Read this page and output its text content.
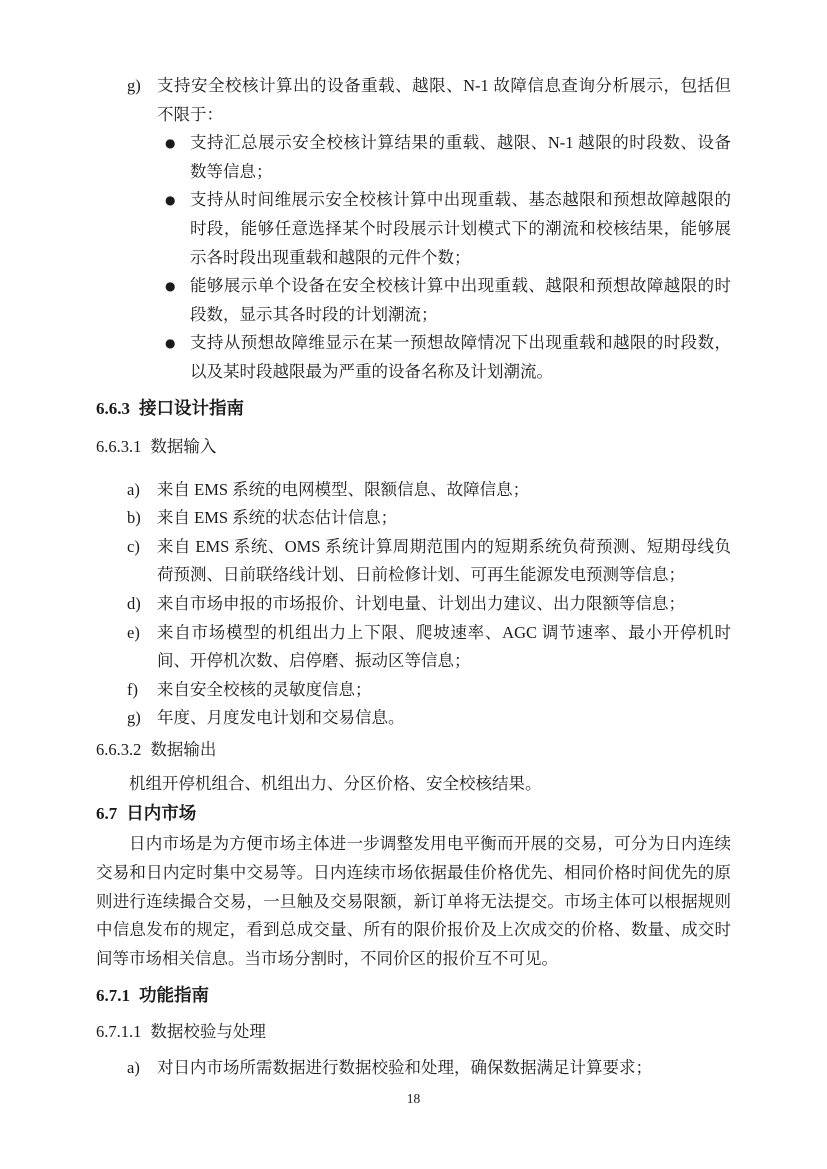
g) 支持安全校核计算出的设备重载、越限、N-1 故障信息查询分析展示，包括但不限于：
● 支持汇总展示安全校核计算结果的重载、越限、N-1 越限的时段数、设备数等信息；
● 支持从时间维展示安全校核计算中出现重载、基态越限和预想故障越限的时段，能够任意选择某个时段展示计划模式下的潮流和校核结果，能够展示各时段出现重载和越限的元件个数；
● 能够展示单个设备在安全校核计算中出现重载、越限和预想故障越限的时段数，显示其各时段的计划潮流；
● 支持从预想故障维显示在某一预想故障情况下出现重载和越限的时段数，以及某时段越限最为严重的设备名称及计划潮流。
6.6.3 接口设计指南
6.6.3.1 数据输入
a)	来自 EMS 系统的电网模型、限额信息、故障信息；
b) 来自 EMS 系统的状态估计信息；
c)	来自 EMS 系统、OMS 系统计算周期范围内的短期系统负荷预测、短期母线负荷预测、日前联络线计划、日前检修计划、可再生能源发电预测等信息；
d) 来自市场申报的市场报价、计划电量、计划出力建议、出力限额等信息；
e)	来自市场模型的机组出力上下限、爬坡速率、AGC 调节速率、最小开停机时间、开停机次数、启停磨、振动区等信息；
f)	来自安全校核的灵敏度信息；
g) 年度、月度发电计划和交易信息。
6.6.3.2 数据输出

机组开停机组合、机组出力、分区价格、安全校核结果。

6.7 日内市场

日内市场是为方便市场主体进一步调整发用电平衡而开展的交易，可分为日内连续交易和日内定时集中交易等。日内连续市场依据最佳价格优先、相同价格时间优先的原则进行连续撮合交易，一旦触及交易限额，新订单将无法提交。市场主体可以根据规则中信息发布的规定，看到总成交量、所有的限价报价及上次成交的价格、数量、成交时间等市场相关信息。当市场分割时，不同价区的报价互不可见。

6.7.1 功能指南
6.7.1.1 数据校验与处理
a)	对日内市场所需数据进行数据校验和处理，确保数据满足计算要求；
18
